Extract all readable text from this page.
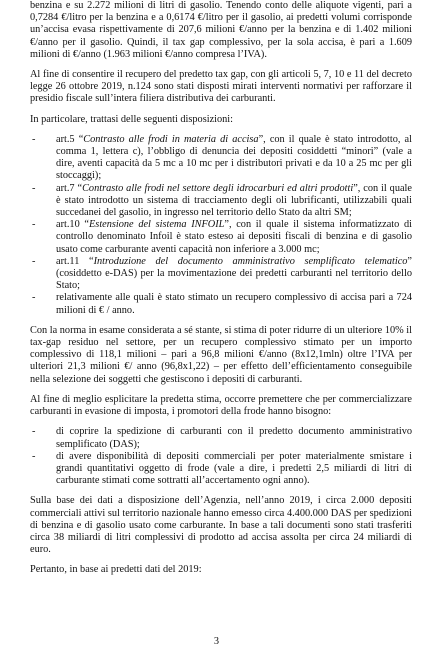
benzina e su 2.272 milioni di litri di gasolio. Tenendo conto delle aliquote vigenti, pari a 0,7284 €/litro per la benzina e a 0,6174 €/litro per il gasolio, ai predetti volumi corrisponde un’accisa evasa rispettivamente di 207,6 milioni €/anno per la benzina e di 1.402 milioni €/anno per il gasolio. Quindi, il tax gap complessivo, per la sola accisa, è pari a 1.609 milioni di €/anno (1.963 milioni €/anno compresa l’IVA).

Al fine di consentire il recupero del predetto tax gap, con gli articoli 5, 7, 10 e 11 del decreto legge 26 ottobre 2019, n.124 sono stati disposti mirati interventi normativi per rafforzare il presidio fiscale sull’intera filiera distributiva dei carburanti.

In particolare, trattasi delle seguenti disposizioni:

- art.5 “Contrasto alle frodi in materia di accisa”, con il quale è stato introdotto, al comma 1, lettera c), l’obbligo di denuncia dei depositi cosiddetti “minori” (vale a dire, aventi capacità da 5 mc a 10 mc per i distributori privati e da 10 a 25 mc per gli stoccaggi);
- art.7 “Contrasto alle frodi nel settore degli idrocarburi ed altri prodotti”, con il quale è stato introdotto un sistema di tracciamento degli oli lubrificanti, utilizzabili quali succedanei del gasolio, in ingresso nel territorio dello Stato da altri SM;
- art.10 “Estensione del sistema INFOIL”, con il quale il sistema informatizzato di controllo denominato Infoil è stato esteso ai depositi fiscali di benzina e di gasolio usato come carburante aventi capacità non inferiore a 3.000 mc;
- art.11 “Introduzione del documento amministrativo semplificato telematico” (cosiddetto e-DAS) per la movimentazione dei predetti carburanti nel territorio dello Stato;
- relativamente alle quali è stato stimato un recupero complessivo di accisa pari a 724 milioni di € / anno.

Con la norma in esame considerata a sé stante, si stima di poter ridurre di un ulteriore 10% il tax-gap residuo nel settore, per un recupero complessivo stimato per un importo complessivo di 118,1 milioni – pari a 96,8 milioni €/anno (8x12,1mln) oltre l’IVA per ulteriori 21,3 milioni €/ anno (96,8x1,22) – per effetto dell’efficientamento conseguibile nella selezione dei soggetti che gestiscono i depositi di carburanti.

Al fine di meglio esplicitare la predetta stima, occorre premettere che per commercializzare carburanti in evasione di imposta, i promotori della frode hanno bisogno:

- di coprire la spedizione di carburanti con il predetto documento amministrativo semplificato (DAS);
- di avere disponibilità di depositi commerciali per poter materialmente smistare i grandi quantitativi oggetto di frode (vale a dire, i predetti 2,5 miliardi di litri di carburante stimati come sottratti all’accertamento ogni anno).

Sulla base dei dati a disposizione dell’Agenzia, nell’anno 2019, i circa 2.000 depositi commerciali attivi sul territorio nazionale hanno emesso circa 4.400.000 DAS per spedizioni di benzina e di gasolio usato come carburante. In base a tali documenti sono stati trasferiti circa 38 miliardi di litri complessivi di prodotto ad accisa assolta per circa 24 miliardi di euro.

Pertanto, in base ai predetti dati del 2019:

3
